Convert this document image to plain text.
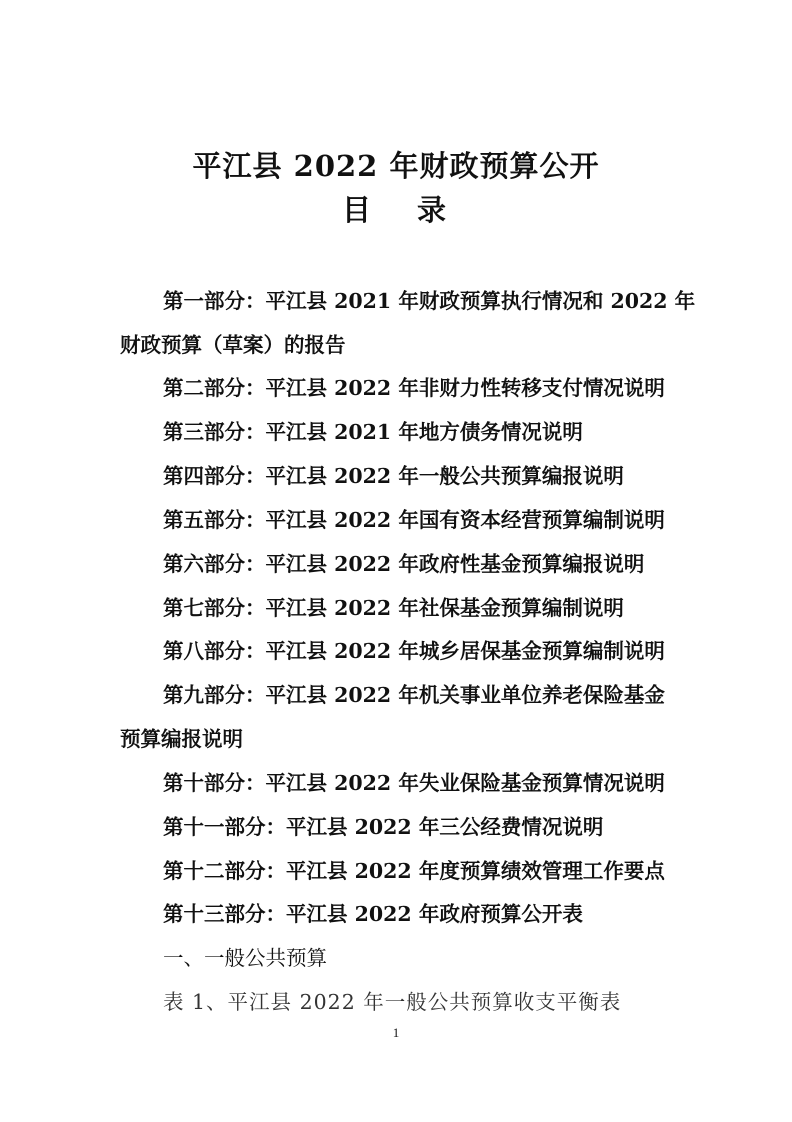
平江县 2022 年财政预算公开
目 录
第一部分：平江县 2021 年财政预算执行情况和 2022 年
财政预算（草案）的报告
第二部分：平江县 2022 年非财力性转移支付情况说明
第三部分：平江县 2021 年地方债务情况说明
第四部分：平江县 2022 年一般公共预算编报说明
第五部分：平江县 2022 年国有资本经营预算编制说明
第六部分：平江县 2022 年政府性基金预算编报说明
第七部分：平江县 2022 年社保基金预算编制说明
第八部分：平江县 2022 年城乡居保基金预算编制说明
第九部分：平江县 2022 年机关事业单位养老保险基金
预算编报说明
第十部分：平江县 2022 年失业保险基金预算情况说明
第十一部分：平江县 2022 年三公经费情况说明
第十二部分：平江县 2022 年度预算绩效管理工作要点
第十三部分：平江县 2022 年政府预算公开表
一、一般公共预算
表 1、平江县 2022 年一般公共预算收支平衡表
1
